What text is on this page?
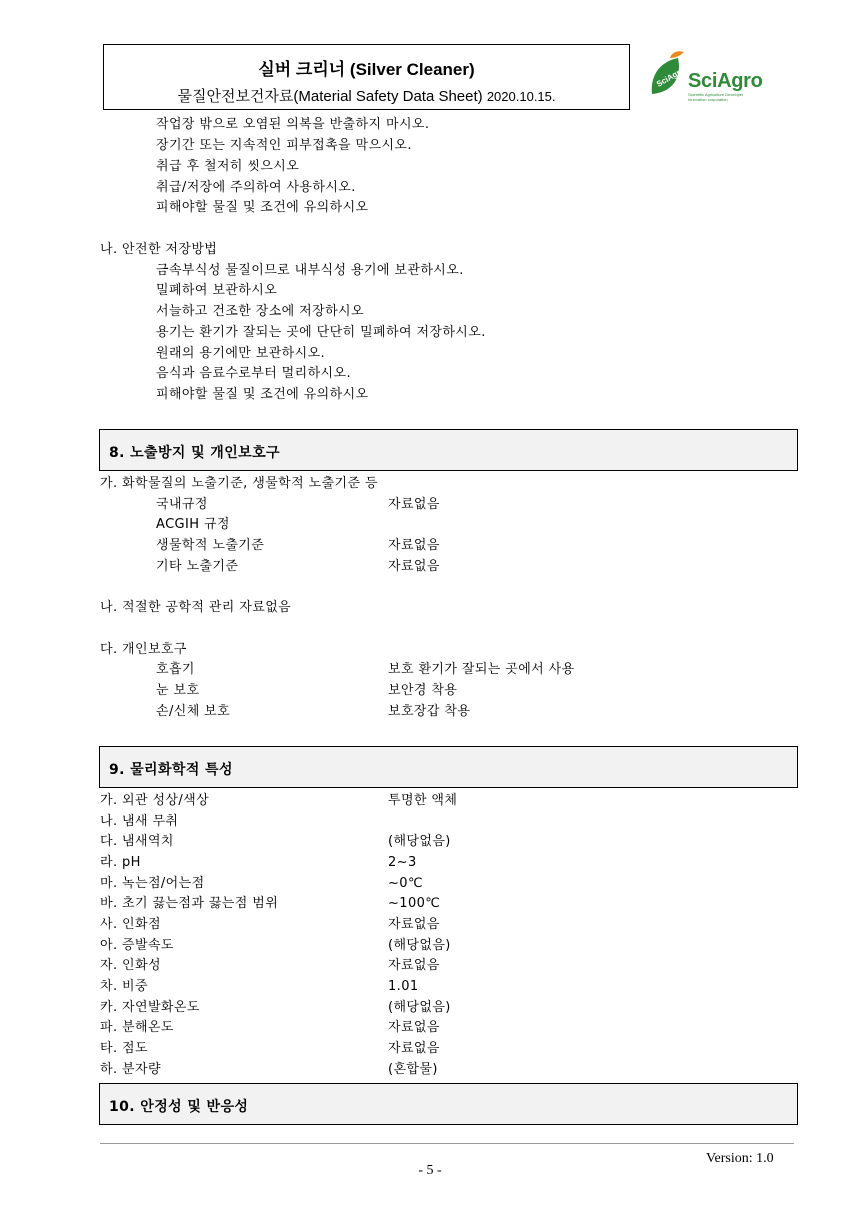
실버 크리너 (Silver Cleaner)
물질안전보건자료(Material Safety Data Sheet) 2020.10.15.
SciAgro SciAgro
Scientific Agriculture Developer
Innovation corporation
작업장 밖으로 오염된 의복을 반출하지 마시오.
장기간 또는 지속적인 피부접촉을 막으시오.
취급 후 철저히 씻으시오
취급/저장에 주의하여 사용하시오.
피해야할 물질 및 조건에 유의하시오
나. 안전한 저장방법
금속부식성 물질이므로 내부식성 용기에 보관하시오.
밀폐하여 보관하시오
서늘하고 건조한 장소에 저장하시오
용기는 환기가 잘되는 곳에 단단히 밀폐하여 저장하시오.
원래의 용기에만 보관하시오.
음식과 음료수로부터 멀리하시오.
피해야할 물질 및 조건에 유의하시오
8. 노출방지 및 개인보호구
가. 화학물질의 노출기준, 생물학적 노출기준 등
국내규정	자료없음
ACGIH 규정
생물학적 노출기준	자료없음
기타 노출기준	자료없음
나. 적절한 공학적 관리 자료없음
다. 개인보호구
호흡기	보호 환기가 잘되는 곳에서 사용
눈 보호	보안경 착용
손/신체 보호	보호장갑 착용
9. 물리화학적 특성
가. 외관 성상/색상	투명한 액체
나. 냄새 무취
다. 냄새역치	(해당없음)
라. pH	2~3
마. 녹는점/어는점	~0℃
바. 초기 끓는점과 끓는점 범위	~100℃
사. 인화점	자료없음
아. 증발속도	(해당없음)
자. 인화성	자료없음
차. 비중	1.01
카. 자연발화온도	(해당없음)
파. 분해온도	자료없음
타. 점도	자료없음
하. 분자량	(혼합물)
10. 안정성 및 반응성
Version: 1.0
- 5 -
